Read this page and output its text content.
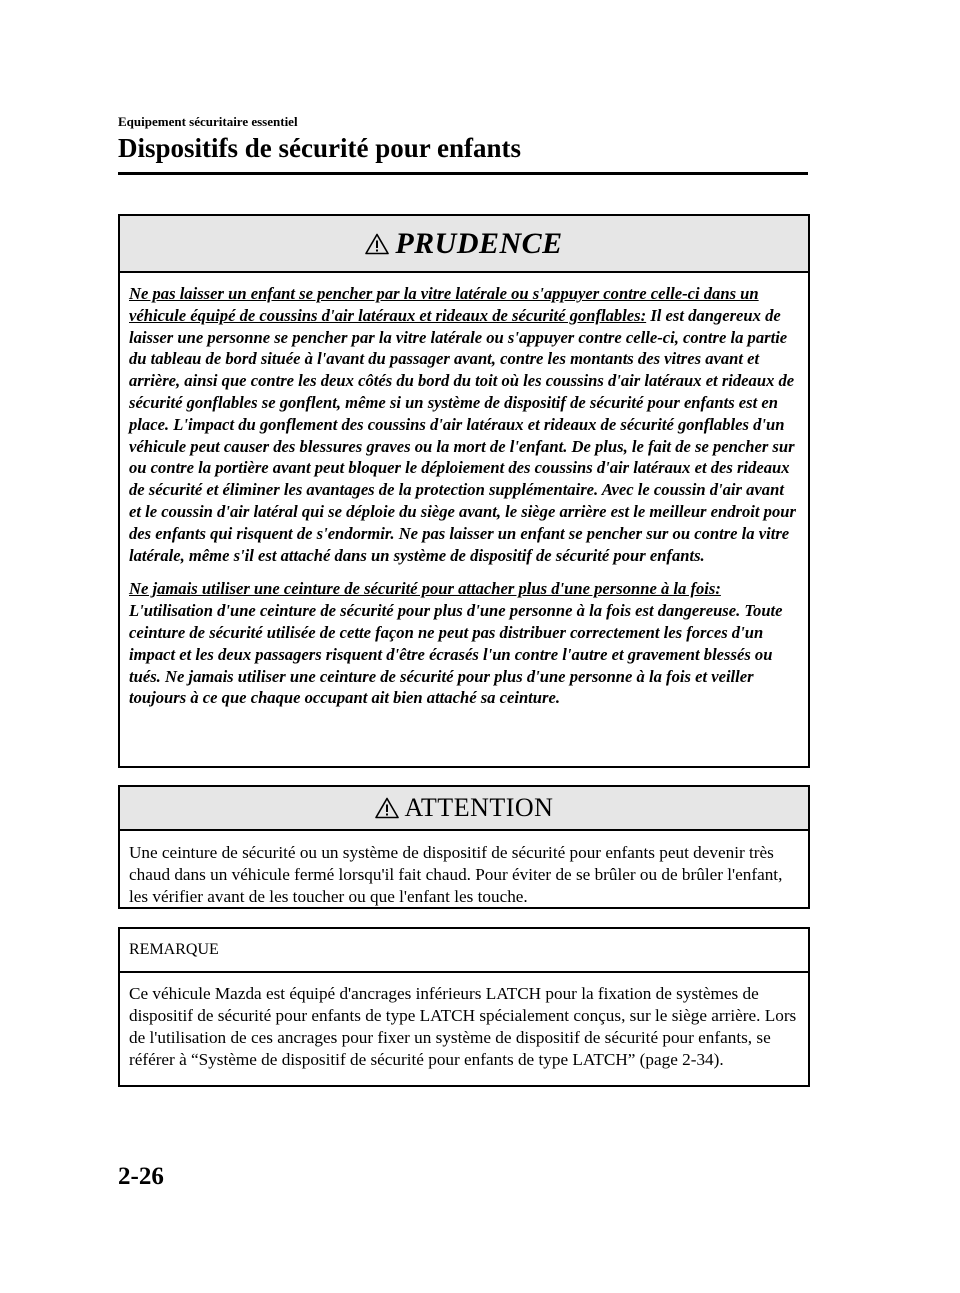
Equipement sécuritaire essentiel
Dispositifs de sécurité pour enfants
PRUDENCE

Ne pas laisser un enfant se pencher par la vitre latérale ou s'appuyer contre celle-ci dans un véhicule équipé de coussins d'air latéraux et rideaux de sécurité gonflables: Il est dangereux de laisser une personne se pencher par la vitre latérale ou s'appuyer contre celle-ci, contre la partie du tableau de bord située à l'avant du passager avant, contre les montants des vitres avant et arrière, ainsi que contre les deux côtés du bord du toit où les coussins d'air latéraux et rideaux de sécurité gonflables se gonflent, même si un système de dispositif de sécurité pour enfants est en place. L'impact du gonflement des coussins d'air latéraux et rideaux de sécurité gonflables d'un véhicule peut causer des blessures graves ou la mort de l'enfant. De plus, le fait de se pencher sur ou contre la portière avant peut bloquer le déploiement des coussins d'air latéraux et des rideaux de sécurité et éliminer les avantages de la protection supplémentaire. Avec le coussin d'air avant et le coussin d'air latéral qui se déploie du siège avant, le siège arrière est le meilleur endroit pour des enfants qui risquent de s'endormir. Ne pas laisser un enfant se pencher sur ou contre la vitre latérale, même s'il est attaché dans un système de dispositif de sécurité pour enfants.

Ne jamais utiliser une ceinture de sécurité pour attacher plus d'une personne à la fois: L'utilisation d'une ceinture de sécurité pour plus d'une personne à la fois est dangereuse. Toute ceinture de sécurité utilisée de cette façon ne peut pas distribuer correctement les forces d'un impact et les deux passagers risquent d'être écrasés l'un contre l'autre et gravement blessés ou tués. Ne jamais utiliser une ceinture de sécurité pour plus d'une personne à la fois et veiller toujours à ce que chaque occupant ait bien attaché sa ceinture.

ATTENTION
Une ceinture de sécurité ou un système de dispositif de sécurité pour enfants peut devenir très chaud dans un véhicule fermé lorsqu'il fait chaud. Pour éviter de se brûler ou de brûler l'enfant, les vérifier avant de les toucher ou que l'enfant les touche.
REMARQUE
Ce véhicule Mazda est équipé d'ancrages inférieurs LATCH pour la fixation de systèmes de dispositif de sécurité pour enfants de type LATCH spécialement conçus, sur le siège arrière. Lors de l'utilisation de ces ancrages pour fixer un système de dispositif de sécurité pour enfants, se référer à “Système de dispositif de sécurité pour enfants de type LATCH” (page 2-34).
2-26
